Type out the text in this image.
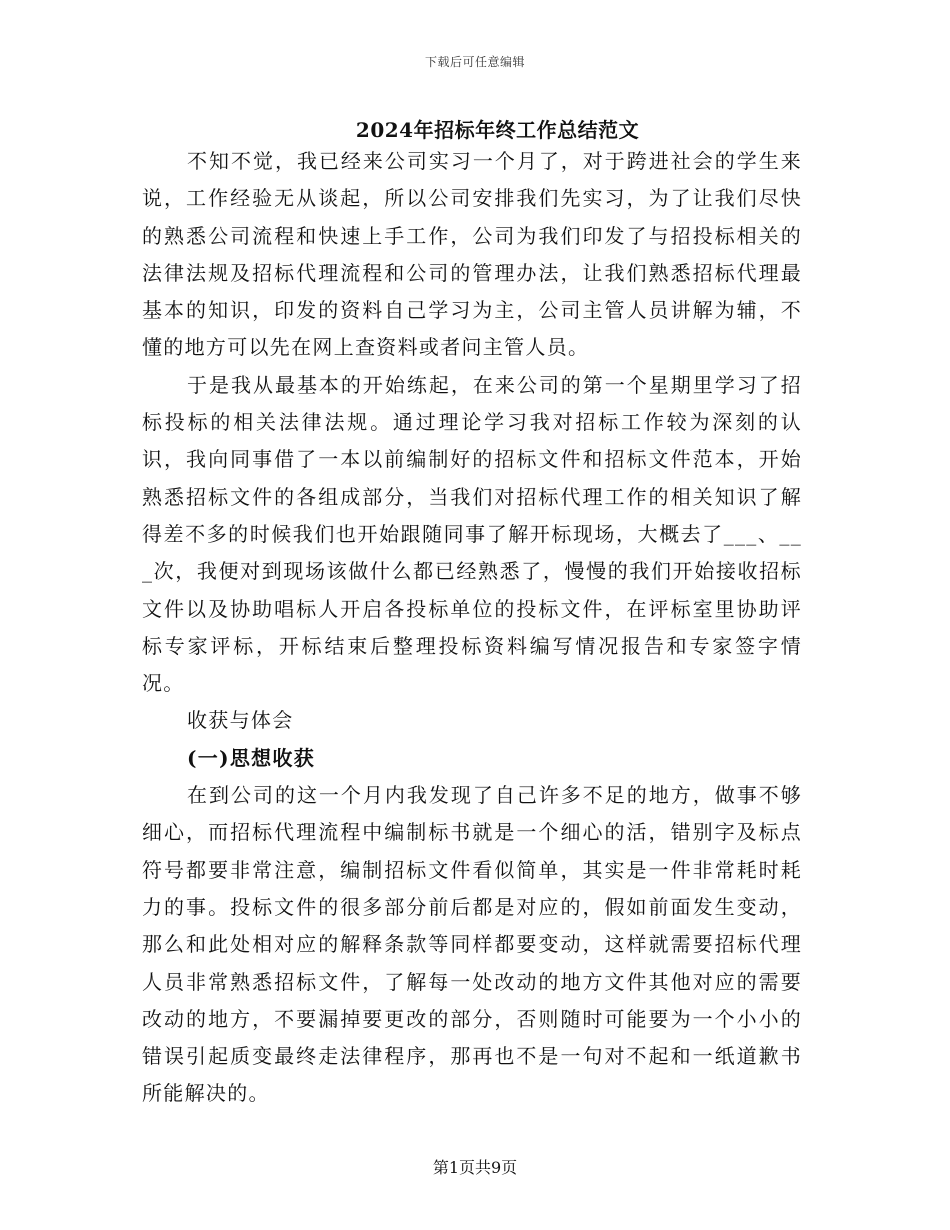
下载后可任意编辑
2024年招标年终工作总结范文

不知不觉，我已经来公司实习一个月了，对于跨进社会的学生来说，工作经验无从谈起，所以公司安排我们先实习，为了让我们尽快的熟悉公司流程和快速上手工作，公司为我们印发了与招投标相关的法律法规及招标代理流程和公司的管理办法，让我们熟悉招标代理最基本的知识，印发的资料自己学习为主，公司主管人员讲解为辅，不懂的地方可以先在网上查资料或者问主管人员。

于是我从最基本的开始练起，在来公司的第一个星期里学习了招标投标的相关法律法规。通过理论学习我对招标工作较为深刻的认识，我向同事借了一本以前编制好的招标文件和招标文件范本，开始熟悉招标文件的各组成部分，当我们对招标代理工作的相关知识了解得差不多的时候我们也开始跟随同事了解开标现场，大概去了___、___次，我便对到现场该做什么都已经熟悉了，慢慢的我们开始接收招标文件以及协助唱标人开启各投标单位的投标文件，在评标室里协助评标专家评标，开标结束后整理投标资料编写情况报告和专家签字情况。

收获与体会

(一)思想收获

在到公司的这一个月内我发现了自己许多不足的地方，做事不够细心，而招标代理流程中编制标书就是一个细心的活，错别字及标点符号都要非常注意，编制招标文件看似简单，其实是一件非常耗时耗力的事。投标文件的很多部分前后都是对应的，假如前面发生变动，那么和此处相对应的解释条款等同样都要变动，这样就需要招标代理人员非常熟悉招标文件，了解每一处改动的地方文件其他对应的需要改动的地方，不要漏掉要更改的部分，否则随时可能要为一个小小的错误引起质变最终走法律程序，那再也不是一句对不起和一纸道歉书所能解决的。

第1页共9页
